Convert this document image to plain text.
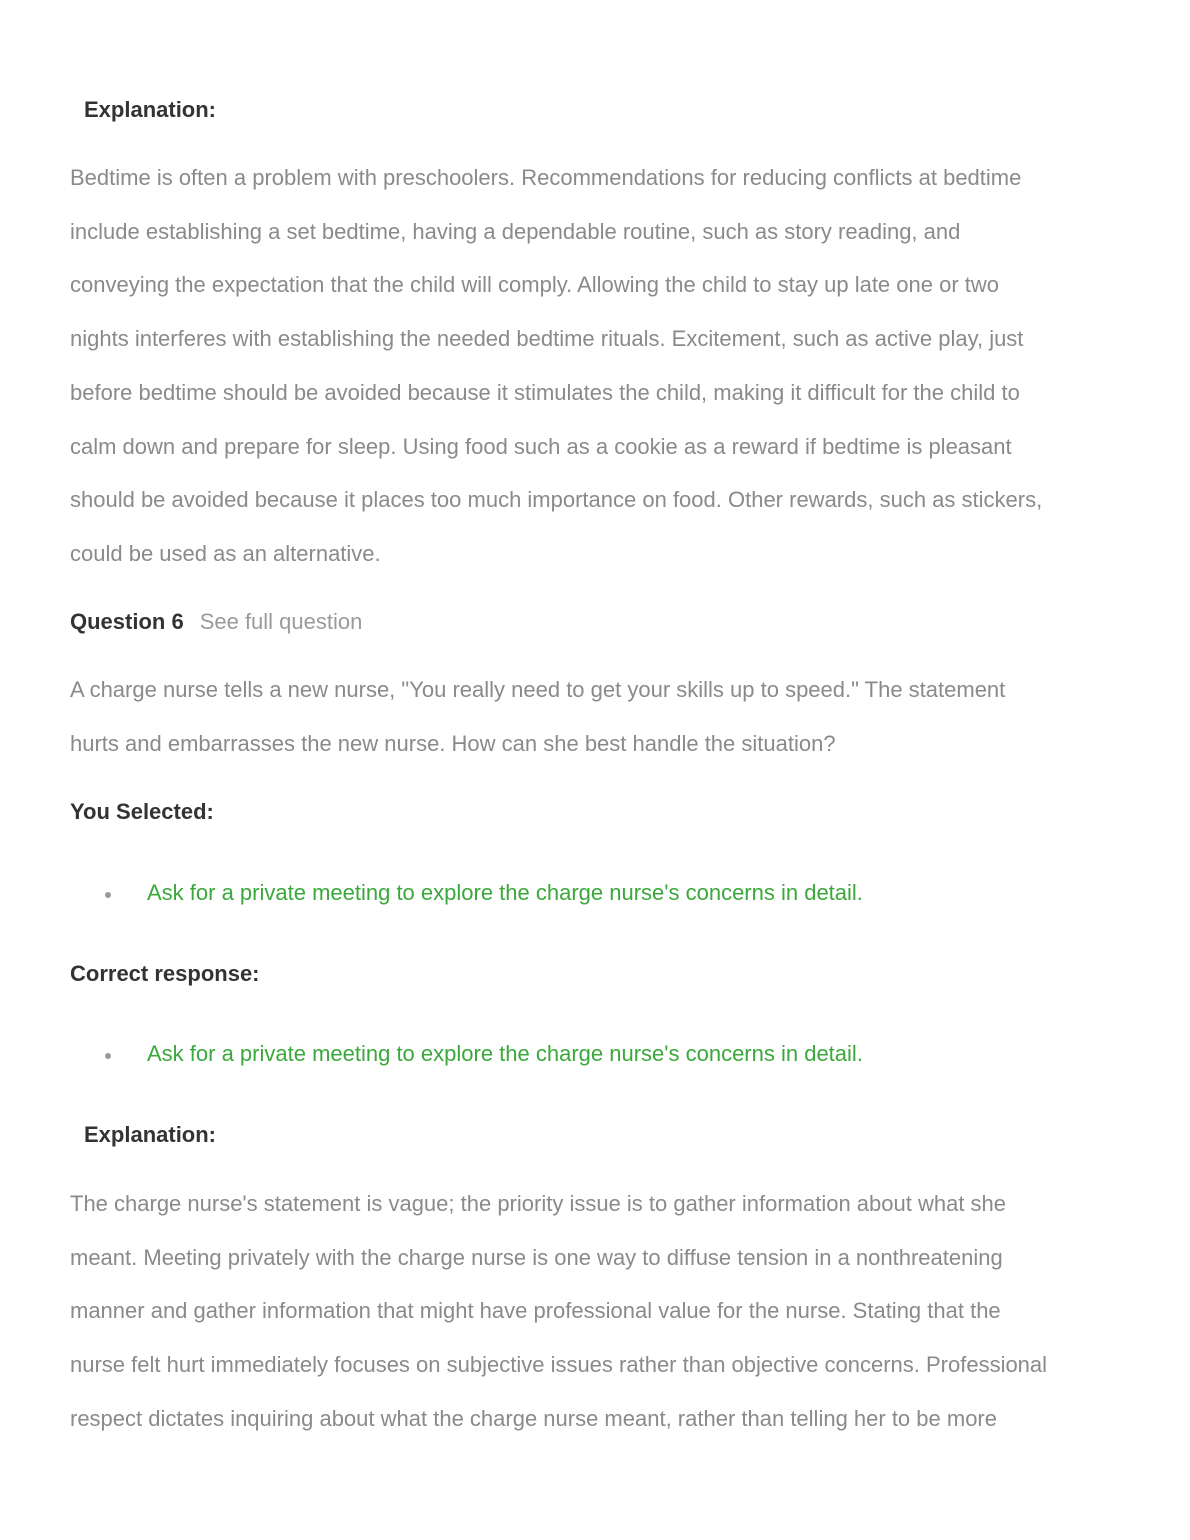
Explanation:
Bedtime is often a problem with preschoolers. Recommendations for reducing conflicts at bedtime
include establishing a set bedtime, having a dependable routine, such as story reading, and
conveying the expectation that the child will comply. Allowing the child to stay up late one or two
nights interferes with establishing the needed bedtime rituals. Excitement, such as active play, just
before bedtime should be avoided because it stimulates the child, making it difficult for the child to
calm down and prepare for sleep. Using food such as a cookie as a reward if bedtime is pleasant
should be avoided because it places too much importance on food. Other rewards, such as stickers,
could be used as an alternative.
Question 6 See full question
A charge nurse tells a new nurse, "You really need to get your skills up to speed." The statement
hurts and embarrasses the new nurse. How can she best handle the situation?
You Selected:
Ask for a private meeting to explore the charge nurse's concerns in detail.
Correct response:
Ask for a private meeting to explore the charge nurse's concerns in detail.
Explanation:
The charge nurse's statement is vague; the priority issue is to gather information about what she
meant. Meeting privately with the charge nurse is one way to diffuse tension in a nonthreatening
manner and gather information that might have professional value for the nurse. Stating that the
nurse felt hurt immediately focuses on subjective issues rather than objective concerns. Professional
respect dictates inquiring about what the charge nurse meant, rather than telling her to be more
